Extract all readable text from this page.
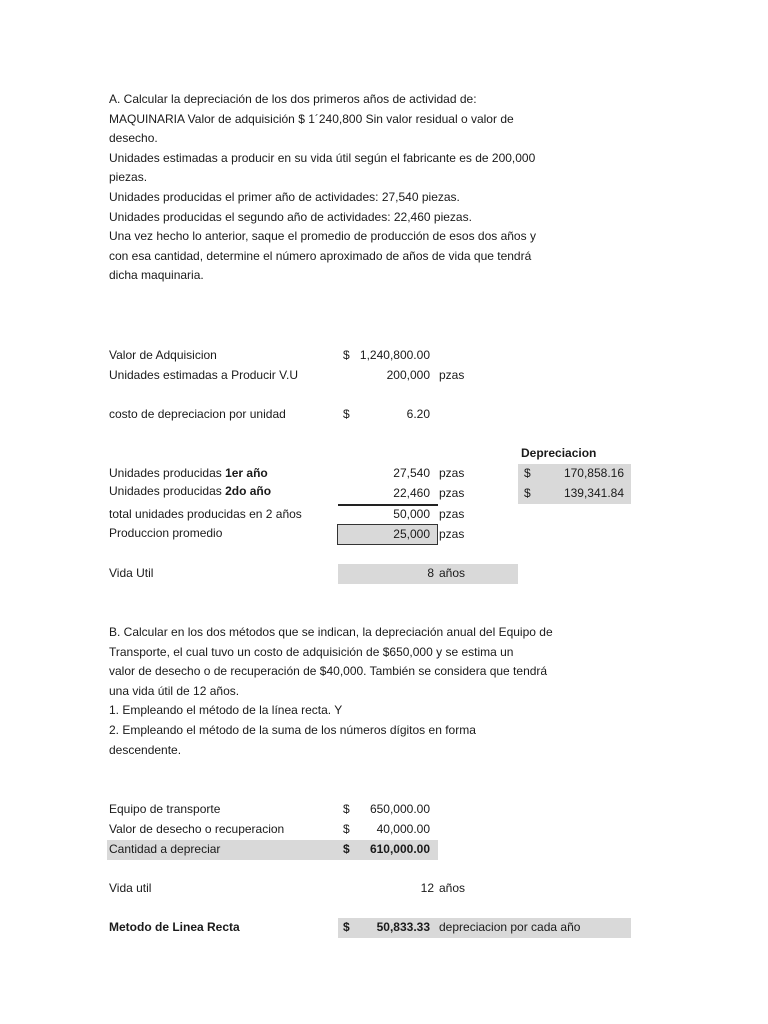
A. Calcular la depreciación de los dos primeros años de actividad de:
MAQUINARIA Valor de adquisición $ 1´240,800 Sin valor residual o valor de
desecho.
Unidades estimadas a producir en su vida útil según el fabricante es de 200,000
piezas.
Unidades producidas el primer año de actividades: 27,540 piezas.
Unidades producidas el segundo año de actividades: 22,460 piezas.
Una vez hecho lo anterior, saque el promedio de producción de esos dos años y
con esa cantidad, determine el número aproximado de años de vida que tendrá
dicha maquinaria.
Valor de Adquisicion	$ 1,240,800.00
Unidades estimadas a Producir V.U	200,000 pzas
costo de depreciacion por unidad	$	6.20
Depreciacion
Unidades producidas 1er año	27,540 pzas	$	170,858.16
Unidades producidas 2do año	22,460 pzas	$	139,341.84
total unidades producidas en 2 años	50,000 pzas
Produccion promedio	25,000 pzas
Vida Util	8 años
B. Calcular en los dos métodos que se indican, la depreciación anual del Equipo de
Transporte, el cual tuvo un costo de adquisición de $650,000 y se estima un
valor de desecho o de recuperación de $40,000. También se considera que tendrá
una vida útil de 12 años.
1. Empleando el método de la línea recta. Y
2. Empleando el método de la suma de los números dígitos en forma
descendente.
Equipo de transporte	$	650,000.00
Valor de desecho o recuperacion	$	40,000.00
Cantidad a depreciar	$	610,000.00
Vida util	12 años
Metodo de Linea Recta	$	50,833.33 depreciacion por cada año
